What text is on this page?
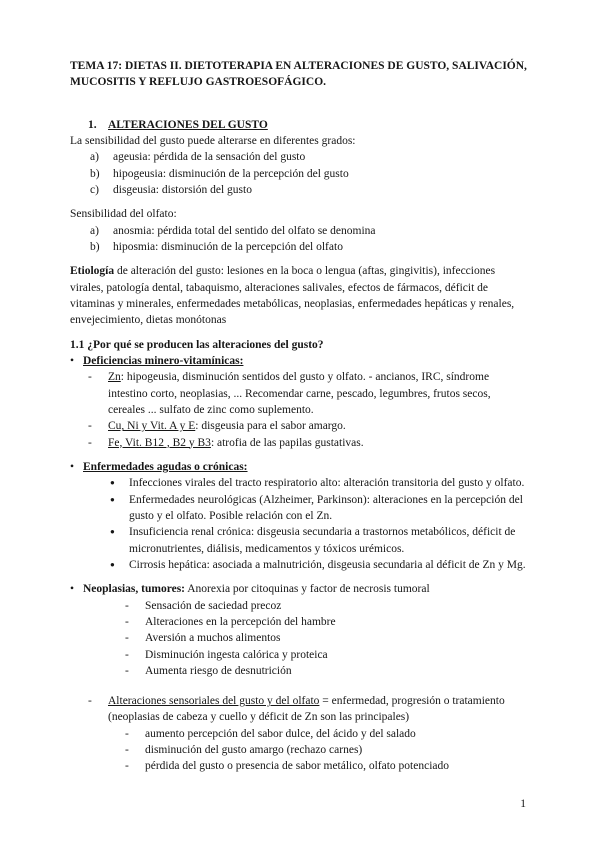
TEMA 17: DIETAS II. DIETOTERAPIA EN ALTERACIONES DE GUSTO, SALIVACIÓN, MUCOSITIS Y REFLUJO GASTROESOFÁGICO.

1. ALTERACIONES DEL GUSTO

La sensibilidad del gusto puede alterarse en diferentes grados:

a)	ageusia: pérdida de la sensación del gusto
b)	hipogeusia: disminución de la percepción del gusto
c)	disgeusia: distorsión del gusto

Sensibilidad del olfato:

a)	anosmia: pérdida total del sentido del olfato se denomina
b)	hiposmia: disminución de la percepción del olfato

Etiología de alteración del gusto: lesiones en la boca o lengua (aftas, gingivitis), infecciones virales, patología dental, tabaquismo, alteraciones salivales, efectos de fármacos, déficit de vitaminas y minerales, enfermedades metabólicas, neoplasias, enfermedades hepáticas y renales, envejecimiento, dietas monótonas

1.1 ¿Por qué se producen las alteraciones del gusto?

• Deficiencias minero-vitamínicas:
-	Zn: hipogeusia, disminución sentidos del gusto y olfato. - ancianos, IRC, síndrome intestino corto, neoplasias, ... Recomendar carne, pescado, legumbres, frutos secos, cereales ... sulfato de zinc como suplemento.
-	Cu, Ni y Vit. A y E: disgeusia para el sabor amargo.
-	Fe, Vit. B12 , B2 y B3: atrofia de las papilas gustativas.
• Enfermedades agudas o crónicas:
●	Infecciones virales del tracto respiratorio alto: alteración transitoria del gusto y olfato.
●	Enfermedades neurológicas (Alzheimer, Parkinson): alteraciones en la percepción del gusto y el olfato. Posible relación con el Zn.
●	Insuficiencia renal crónica: disgeusia secundaria a trastornos metabólicos, déficit de micronutrientes, diálisis, medicamentos y tóxicos urémicos.
●	Cirrosis hepática: asociada a malnutrición, disgeusia secundaria al déficit de Zn y Mg.
• Neoplasias, tumores: Anorexia por citoquinas y factor de necrosis tumoral
-	Sensación de saciedad precoz
-	Alteraciones en la percepción del hambre
-	Aversión a muchos alimentos
-	Disminución ingesta calórica y proteica
-	Aumenta riesgo de desnutrición
-	Alteraciones sensoriales del gusto y del olfato = enfermedad, progresión o tratamiento (neoplasias de cabeza y cuello y déficit de Zn son las principales)
-	aumento percepción del sabor dulce, del ácido y del salado
-	disminución del gusto amargo (rechazo carnes)
-	pérdida del gusto o presencia de sabor metálico, olfato potenciado
1
